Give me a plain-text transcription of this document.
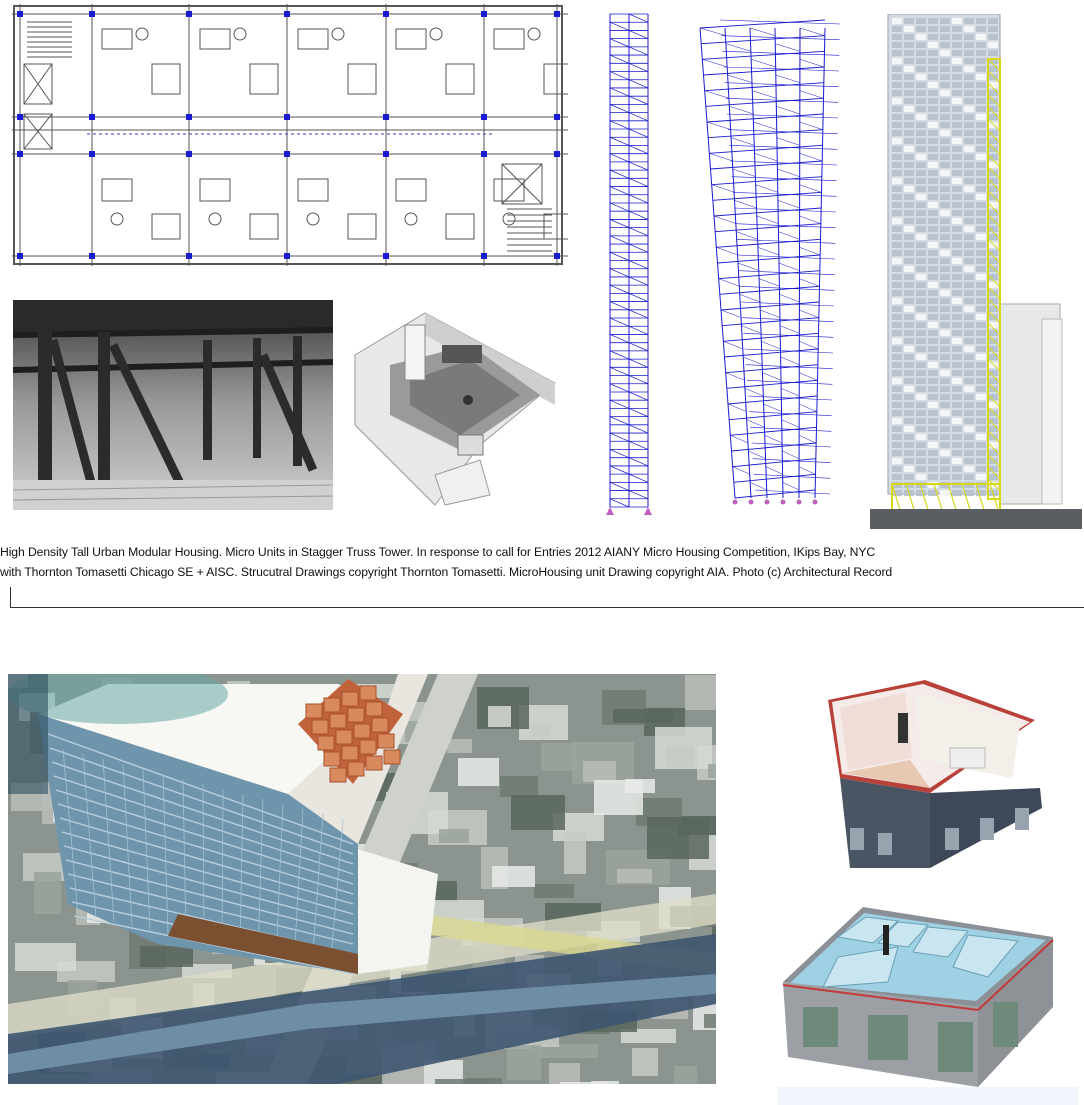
High Density Tall Urban Modular Housing. Micro Units in Stagger Truss Tower. In response to call for Entries 2012 AIANY Micro Housing Competition, IKips Bay, NYC
with Thornton Tomasetti Chicago SE + AISC. Strucutral Drawings copyright Thornton Tomasetti. MicroHousing unit Drawing copyright AIA. Photo (c) Architectural Record
